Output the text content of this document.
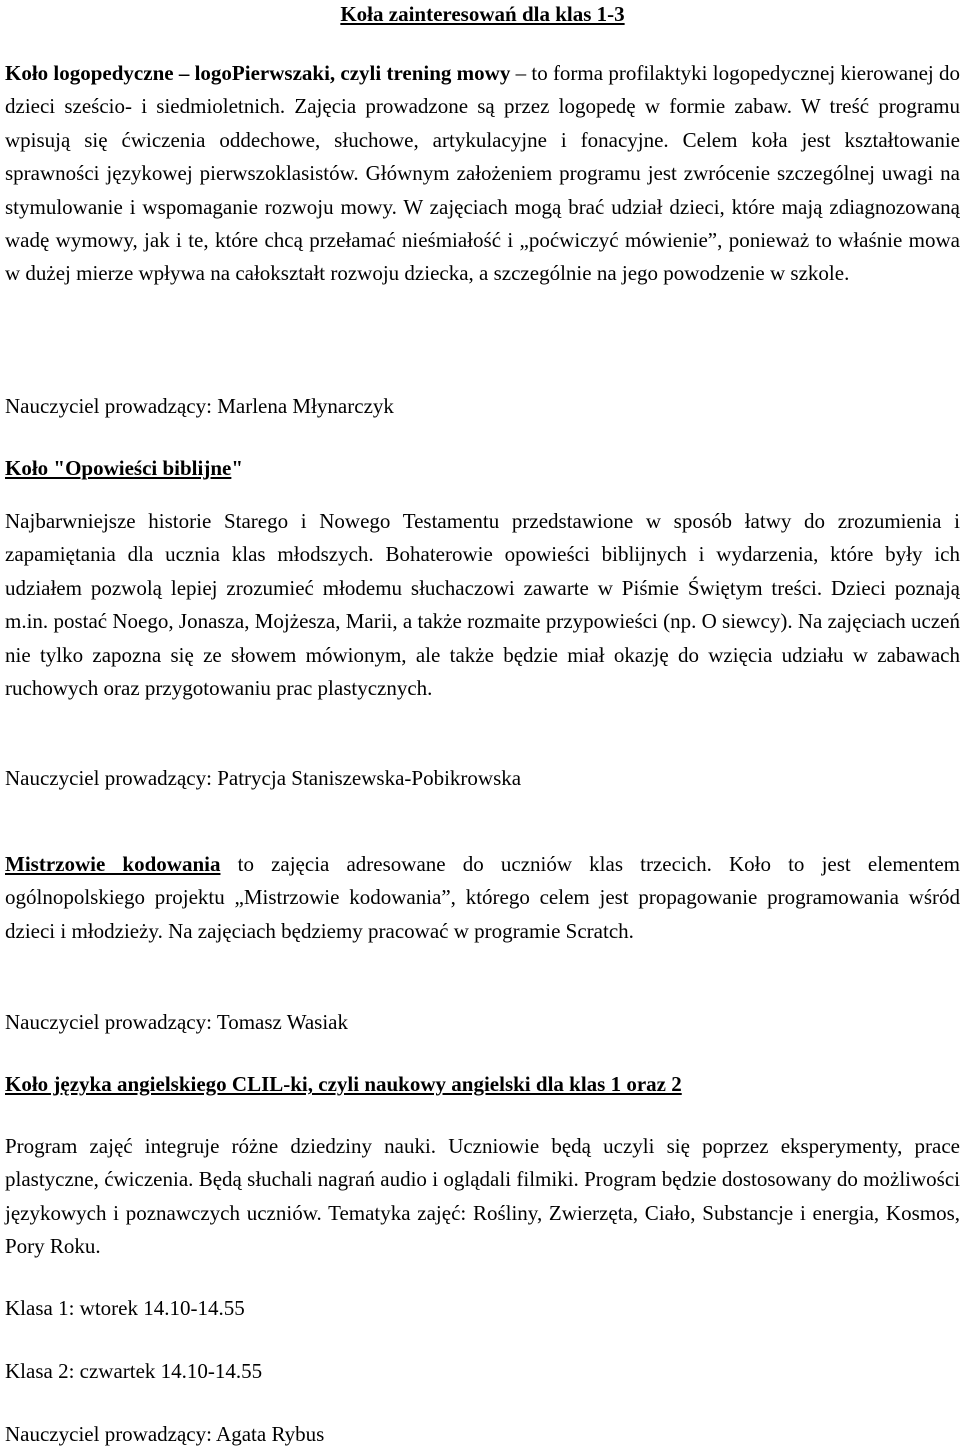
Koła zainteresowań dla klas 1-3

Koło logopedyczne – logoPierwszaki, czyli trening mowy – to forma profilaktyki logopedycznej kierowanej do dzieci sześcio- i siedmioletnich. Zajęcia prowadzone są przez logopedę w formie zabaw. W treść programu wpisują się ćwiczenia oddechowe, słuchowe, artykulacyjne i fonacyjne. Celem koła jest kształtowanie sprawności językowej pierwszoklasistów. Głównym założeniem programu jest zwrócenie szczególnej uwagi na stymulowanie i wspomaganie rozwoju mowy. W zajęciach mogą brać udział dzieci, które mają zdiagnozowaną wadę wymowy, jak i te, które chcą przełamać nieśmiałość i „poćwiczyć mówienie”, ponieważ to właśnie mowa w dużej mierze wpływa na całokształt rozwoju dziecka, a szczególnie na jego powodzenie w szkole.

Nauczyciel prowadzący: Marlena Młynarczyk

Koło "Opowieści biblijne"

Najbarwniejsze historie Starego i Nowego Testamentu przedstawione w sposób łatwy do zrozumienia i zapamiętania dla ucznia klas młodszych. Bohaterowie opowieści biblijnych i wydarzenia, które były ich udziałem pozwolą lepiej zrozumieć młodemu słuchaczowi zawarte w Piśmie Świętym treści. Dzieci poznają m.in. postać Noego, Jonasza, Mojżesza, Marii, a także rozmaite przypowieści (np. O siewcy). Na zajęciach uczeń nie tylko zapozna się ze słowem mówionym, ale także będzie miał okazję do wzięcia udziału w zabawach ruchowych oraz przygotowaniu prac plastycznych.

Nauczyciel prowadzący: Patrycja Staniszewska-Pobikrowska

Mistrzowie kodowania to zajęcia adresowane do uczniów klas trzecich. Koło to jest elementem ogólnopolskiego projektu „Mistrzowie kodowania”, którego celem jest propagowanie programowania wśród dzieci i młodzieży. Na zajęciach będziemy pracować w programie Scratch.

Nauczyciel prowadzący: Tomasz Wasiak

Koło języka angielskiego CLIL-ki, czyli naukowy angielski dla klas 1 oraz 2

Program zajęć integruje różne dziedziny nauki. Uczniowie będą uczyli się poprzez eksperymenty, prace plastyczne, ćwiczenia. Będą słuchali nagrań audio i oglądali filmiki. Program będzie dostosowany do możliwości językowych i poznawczych uczniów. Tematyka zajęć: Rośliny, Zwierzęta, Ciało, Substancje i energia, Kosmos, Pory Roku.

Klasa 1: wtorek 14.10-14.55

Klasa 2: czwartek 14.10-14.55

Nauczyciel prowadzący: Agata Rybus
